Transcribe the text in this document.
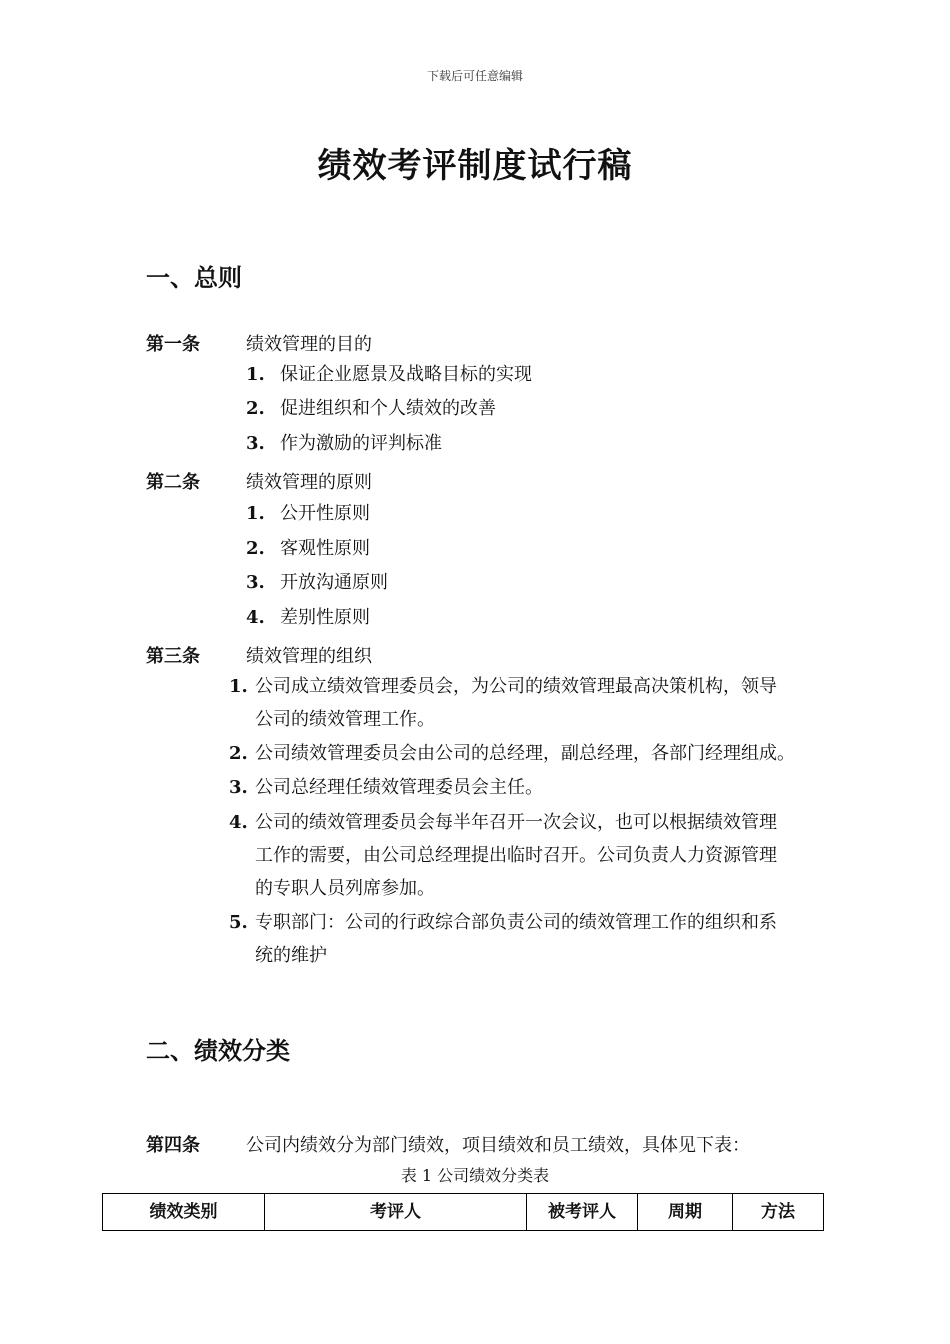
下载后可任意编辑
绩效考评制度试行稿
一、总则
第一条	绩效管理的目的
1. 保证企业愿景及战略目标的实现
2. 促进组织和个人绩效的改善
3. 作为激励的评判标准
第二条	绩效管理的原则
1. 公开性原则
2. 客观性原则
3. 开放沟通原则
4. 差别性原则
第三条	绩效管理的组织
1. 公司成立绩效管理委员会，为公司的绩效管理最高决策机构，领导
公司的绩效管理工作。
2. 公司绩效管理委员会由公司的总经理，副总经理，各部门经理组成。
3. 公司总经理任绩效管理委员会主任。
4. 公司的绩效管理委员会每半年召开一次会议，也可以根据绩效管理
工作的需要，由公司总经理提出临时召开。公司负责人力资源管理
的专职人员列席参加。
5. 专职部门：公司的行政综合部负责公司的绩效管理工作的组织和系
统的维护
二、绩效分类
第四条	公司内绩效分为部门绩效，项目绩效和员工绩效，具体见下表：
表 1 公司绩效分类表
绩效类别	考评人	被考评人	周期	方法
